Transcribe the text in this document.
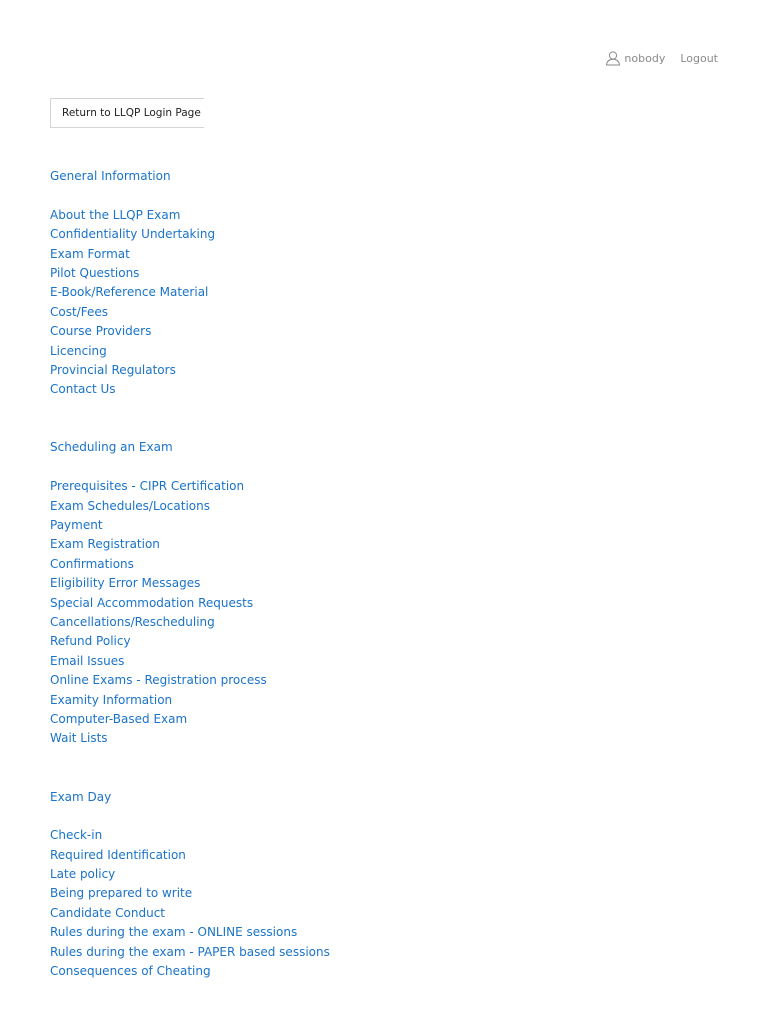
nobody Logout
Return to LLQP Login Page
General Information
About the LLQP Exam
Confidentiality Undertaking
Exam Format
Pilot Questions
E-Book/Reference Material
Cost/Fees
Course Providers
Licencing
Provincial Regulators
Contact Us
Scheduling an Exam
Prerequisites - CIPR Certification
Exam Schedules/Locations
Payment
Exam Registration
Confirmations
Eligibility Error Messages
Special Accommodation Requests
Cancellations/Rescheduling
Refund Policy
Email Issues
Online Exams - Registration process
Examity Information
Computer-Based Exam
Wait Lists
Exam Day
Check-in
Required Identification
Late policy
Being prepared to write
Candidate Conduct
Rules during the exam - ONLINE sessions
Rules during the exam - PAPER based sessions
Consequences of Cheating
